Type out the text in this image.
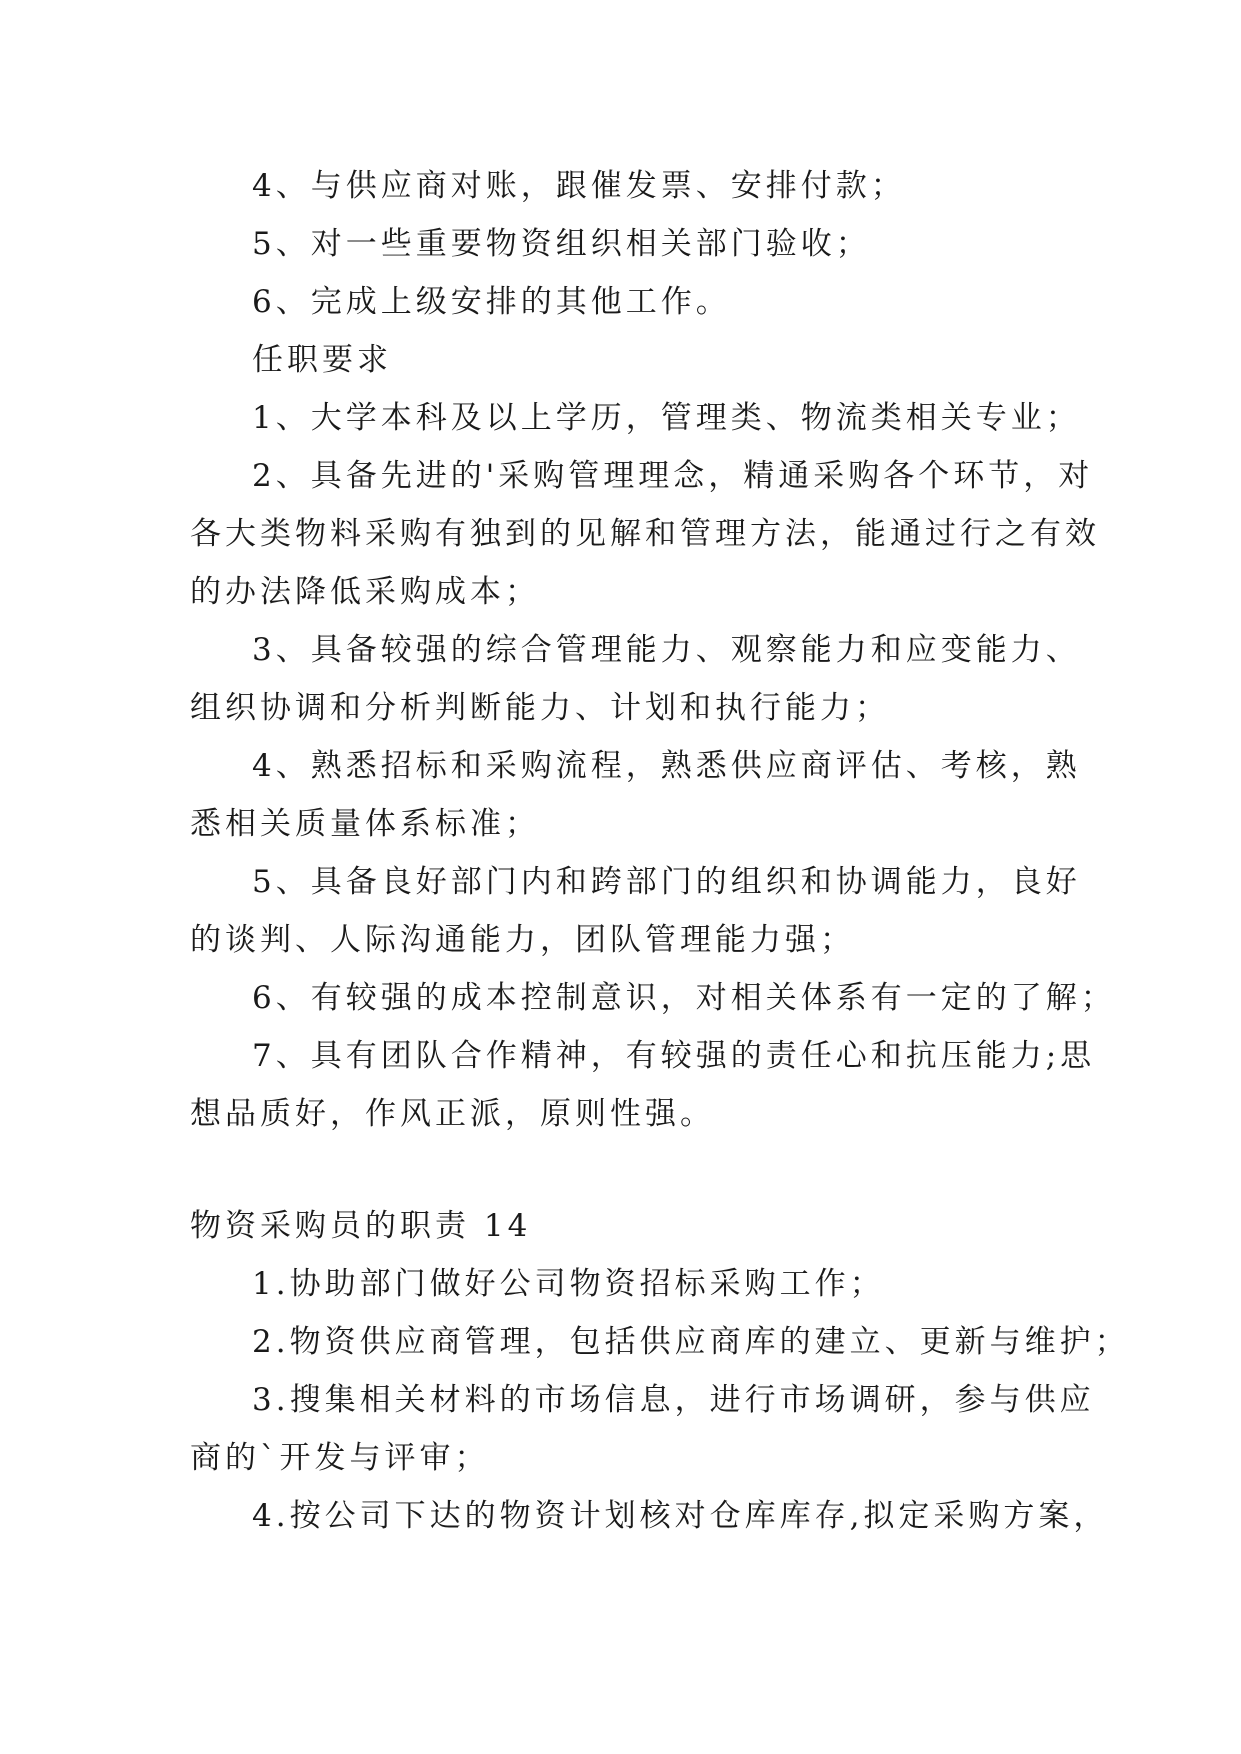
4、与供应商对账，跟催发票、安排付款；
5、对一些重要物资组织相关部门验收；
6、完成上级安排的其他工作。
任职要求
1、大学本科及以上学历，管理类、物流类相关专业；
2、具备先进的'采购管理理念，精通采购各个环节，对
各大类物料采购有独到的见解和管理方法，能通过行之有效
的办法降低采购成本；
3、具备较强的综合管理能力、观察能力和应变能力、
组织协调和分析判断能力、计划和执行能力；
4、熟悉招标和采购流程，熟悉供应商评估、考核，熟
悉相关质量体系标准；
5、具备良好部门内和跨部门的组织和协调能力，良好
的谈判、人际沟通能力，团队管理能力强；
6、有较强的成本控制意识，对相关体系有一定的了解；
7、具有团队合作精神，有较强的责任心和抗压能力;思
想品质好，作风正派，原则性强。
物资采购员的职责 14
1.协助部门做好公司物资招标采购工作；
2.物资供应商管理，包括供应商库的建立、更新与维护；
3.搜集相关材料的市场信息，进行市场调研，参与供应
商的`开发与评审；
4.按公司下达的物资计划核对仓库库存,拟定采购方案，
